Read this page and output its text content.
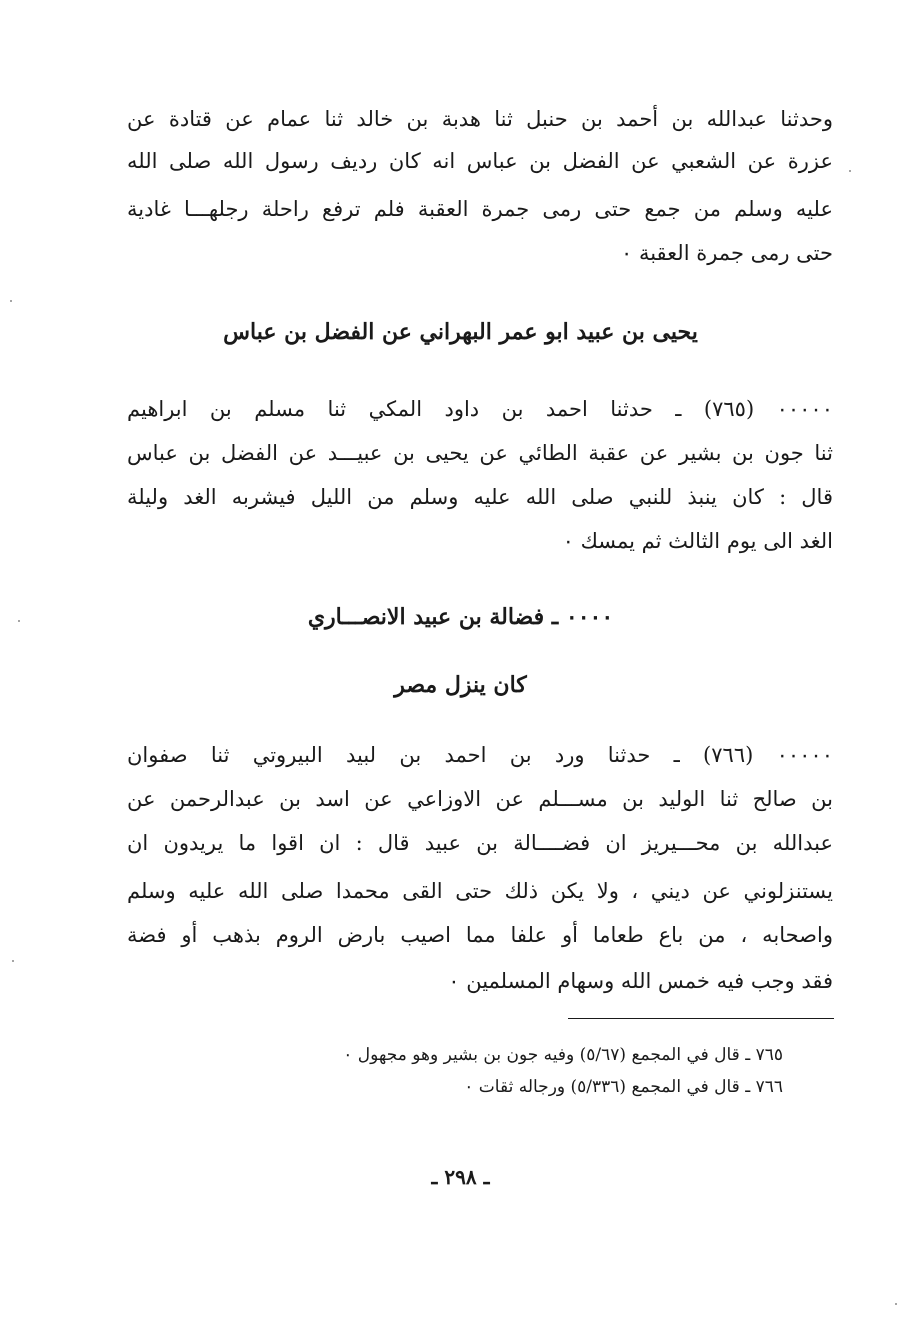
وحدثنا عبدالله بن أحمد بن حنبل ثنا هدبة بن خالد ثنا عمام عن قتادة عن
عزرة عن الشعبي عن الفضل بن عباس انه كان رديف رسول الله صلى الله
عليه وسلم من جمع حتى رمى جمرة العقبة فلم ترفع راحلة رجلهـــا غادية
حتى رمى جمرة العقبة ٠
يحيى بن عبيد ابو عمر البهراني عن الفضل بن عباس
٠٠٠٠٠ (٧٦٥) ـ حدثنا احمد بن داود المكي ثنا مسلم بن ابراهيم
ثنا جون بن بشير عن عقبة الطائي عن يحيى بن عبيـــد عن الفضل بن عباس
قال : كان ينبذ للنبي صلى الله عليه وسلم من الليل فيشربه الغد وليلة
الغد الى يوم الثالث ثم يمسك ٠
٠٠٠٠ ـ فضالة بن عبيد الانصـــاري
كان ينزل مصر
٠٠٠٠٠ (٧٦٦) ـ حدثنا ورد بن احمد بن لبيد البيروتي ثنا صفوان
بن صالح ثنا الوليد بن مســـلم عن الاوزاعي عن اسد بن عبدالرحمن عن
عبدالله بن محـــيريز ان فضــــالة بن عبيد قال : ان اقوا ما يريدون ان
يستنزلوني عن ديني ، ولا يكن ذلك حتى القى محمدا صلى الله عليه وسلم
واصحابه ، من باع طعاما أو علفا مما اصيب بارض الروم بذهب أو فضة
فقد وجب فيه خمس الله وسهام المسلمين ٠
٧٦٥ ـ قال في المجمع (٥/٦٧) وفيه جون بن بشير وهو مجهول ٠
٧٦٦ ـ قال في المجمع (٥/٣٣٦) ورجاله ثقات ٠
ـ ٢٩٨ ـ
